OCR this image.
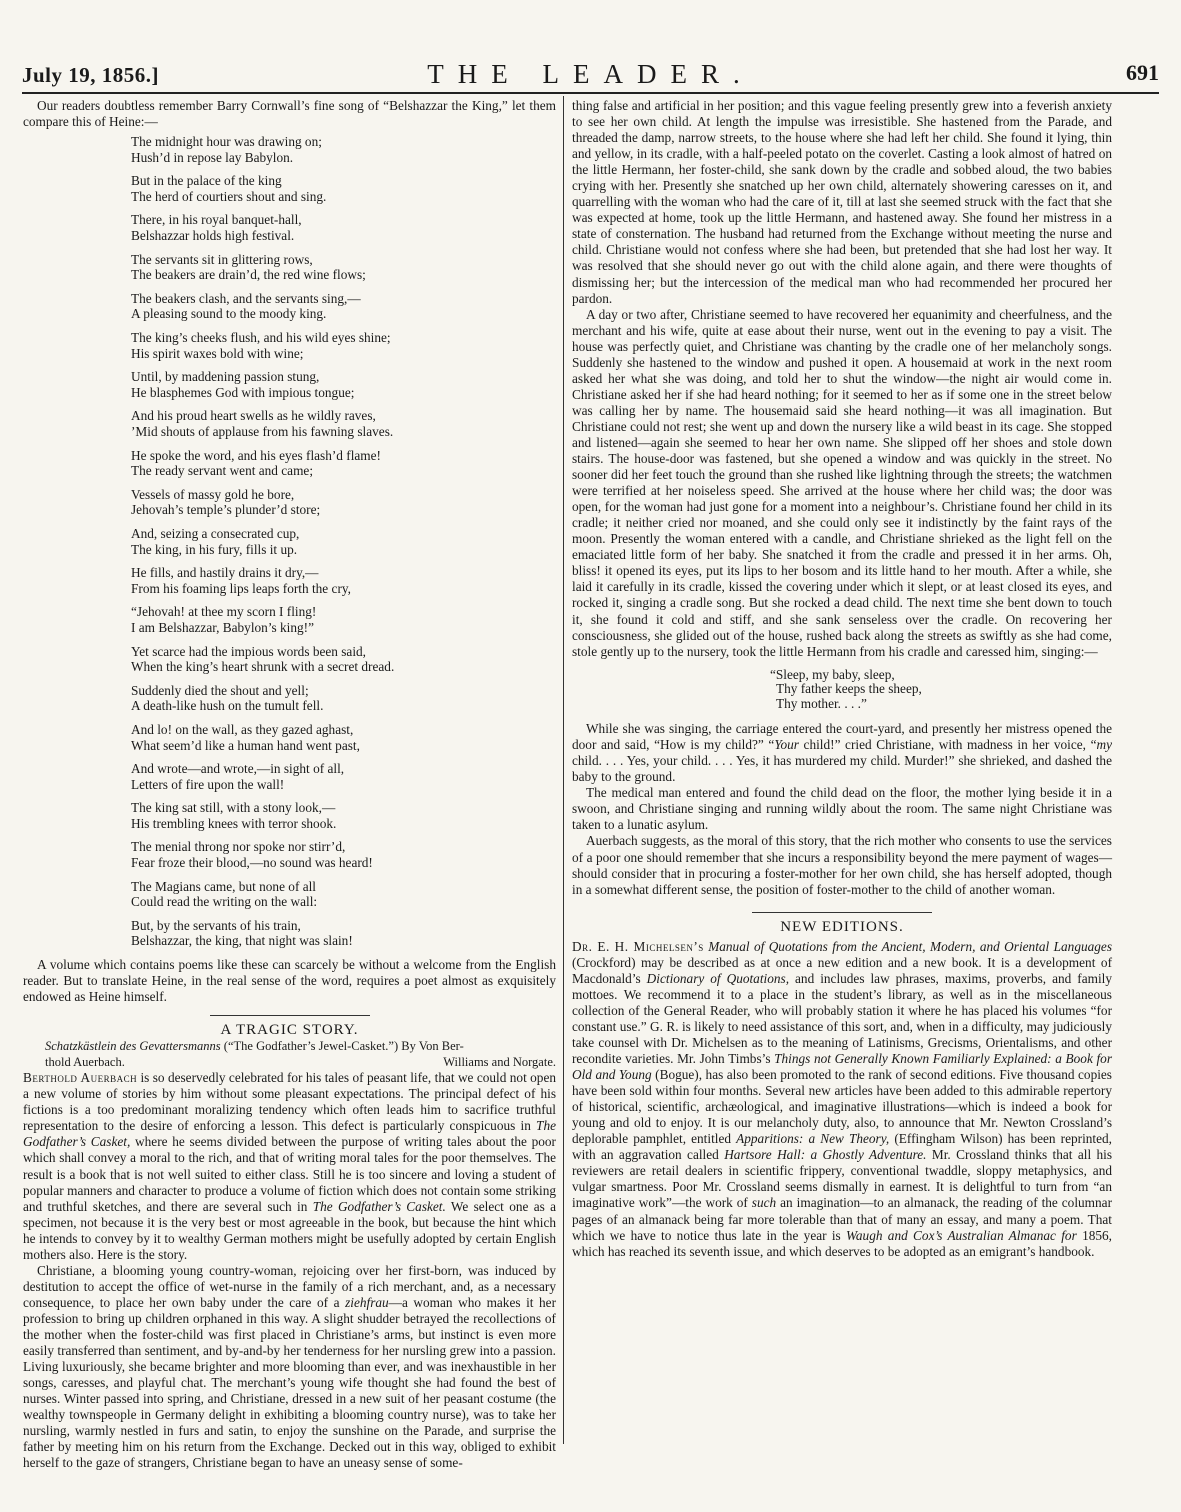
July 19, 1856.]	THE LEADER.	691

Our readers doubtless remember Barry Cornwall’s fine song of “Belshazzar the King,” let them compare this of Heine:—

The midnight hour was drawing on;
Hush’d in repose lay Babylon.
But in the palace of the king
The herd of courtiers shout and sing.
There, in his royal banquet-hall,
Belshazzar holds high festival.
The servants sit in glittering rows,
The beakers are drain’d, the red wine flows;
The beakers clash, and the servants sing,—
A pleasing sound to the moody king.
The king’s cheeks flush, and his wild eyes shine;
His spirit waxes bold with wine;
Until, by maddening passion stung,
He blasphemes God with impious tongue;
And his proud heart swells as he wildly raves,
’Mid shouts of applause from his fawning slaves.
He spoke the word, and his eyes flash’d flame!
The ready servant went and came;
Vessels of massy gold he bore,
Jehovah’s temple’s plunder’d store;
And, seizing a consecrated cup,
The king, in his fury, fills it up.
He fills, and hastily drains it dry,—
From his foaming lips leaps forth the cry,
“Jehovah! at thee my scorn I fling!
I am Belshazzar, Babylon’s king!”
Yet scarce had the impious words been said,
When the king’s heart shrunk with a secret dread.
Suddenly died the shout and yell;
A death-like hush on the tumult fell.
And lo! on the wall, as they gazed aghast,
What seem’d like a human hand went past,
And wrote—and wrote,—in sight of all,
Letters of fire upon the wall!
The king sat still, with a stony look,—
His trembling knees with terror shook.
The menial throng nor spoke nor stirr’d,
Fear froze their blood,—no sound was heard!
The Magians came, but none of all
Could read the writing on the wall:
But, by the servants of his train,
Belshazzar, the king, that night was slain!

A volume which contains poems like these can scarcely be without a welcome from the English reader. But to translate Heine, in the real sense of the word, requires a poet almost as exquisitely endowed as Heine himself.

A TRAGIC STORY.
Schatzkästlein des Gevattersmanns (“The Godfather’s Jewel-Casket.”) By Von Ber-
thold Auerbach.	Williams and Norgate.

Berthold Auerbach is so deservedly celebrated for his tales of peasant life, that we could not open a new volume of stories by him without some pleasant expectations. The principal defect of his fictions is a too predominant moralizing tendency which often leads him to sacrifice truthful representation to the desire of enforcing a lesson. This defect is particularly conspicuous in The Godfather’s Casket, where he seems divided between the purpose of writing tales about the poor which shall convey a moral to the rich, and that of writing moral tales for the poor themselves. The result is a book that is not well suited to either class. Still he is too sincere and loving a student of popular manners and character to produce a volume of fiction which does not contain some striking and truthful sketches, and there are several such in The Godfather’s Casket. We select one as a specimen, not because it is the very best or most agreeable in the book, but because the hint which he intends to convey by it to wealthy German mothers might be usefully adopted by certain English mothers also. Here is the story.

Christiane, a blooming young country-woman, rejoicing over her first-born, was induced by destitution to accept the office of wet-nurse in the family of a rich merchant, and, as a necessary consequence, to place her own baby under the care of a ziehfrau—a woman who makes it her profession to bring up children orphaned in this way. A slight shudder betrayed the recollections of the mother when the foster-child was first placed in Christiane’s arms, but instinct is even more easily transferred than sentiment, and by-and-by her tenderness for her nursling grew into a passion. Living luxuriously, she became brighter and more blooming than ever, and was inexhaustible in her songs, caresses, and playful chat. The merchant’s young wife thought she had found the best of nurses. Winter passed into spring, and Christiane, dressed in a new suit of her peasant costume (the wealthy townspeople in Germany delight in exhibiting a blooming country nurse), was to take her nursling, warmly nestled in furs and satin, to enjoy the sunshine on the Parade, and surprise the father by meeting him on his return from the Exchange. Decked out in this way, obliged to exhibit herself to the gaze of strangers, Christiane began to have an uneasy sense of some-

thing false and artificial in her position; and this vague feeling presently grew into a feverish anxiety to see her own child. At length the impulse was irresistible. She hastened from the Parade, and threaded the damp, narrow streets, to the house where she had left her child. She found it lying, thin and yellow, in its cradle, with a half-peeled potato on the coverlet. Casting a look almost of hatred on the little Hermann, her foster-child, she sank down by the cradle and sobbed aloud, the two babies crying with her. Presently she snatched up her own child, alternately showering caresses on it, and quarrelling with the woman who had the care of it, till at last she seemed struck with the fact that she was expected at home, took up the little Hermann, and hastened away. She found her mistress in a state of consternation. The husband had returned from the Exchange without meeting the nurse and child. Christiane would not confess where she had been, but pretended that she had lost her way. It was resolved that she should never go out with the child alone again, and there were thoughts of dismissing her; but the intercession of the medical man who had recommended her procured her pardon.

A day or two after, Christiane seemed to have recovered her equanimity and cheerfulness, and the merchant and his wife, quite at ease about their nurse, went out in the evening to pay a visit. The house was perfectly quiet, and Christiane was chanting by the cradle one of her melancholy songs. Suddenly she hastened to the window and pushed it open. A housemaid at work in the next room asked her what she was doing, and told her to shut the window—the night air would come in. Christiane asked her if she had heard nothing; for it seemed to her as if some one in the street below was calling her by name. The housemaid said she heard nothing—it was all imagination. But Christiane could not rest; she went up and down the nursery like a wild beast in its cage. She stopped and listened—again she seemed to hear her own name. She slipped off her shoes and stole down stairs. The house-door was fastened, but she opened a window and was quickly in the street. No sooner did her feet touch the ground than she rushed like lightning through the streets; the watchmen were terrified at her noiseless speed. She arrived at the house where her child was; the door was open, for the woman had just gone for a moment into a neighbour’s. Christiane found her child in its cradle; it neither cried nor moaned, and she could only see it indistinctly by the faint rays of the moon. Presently the woman entered with a candle, and Christiane shrieked as the light fell on the emaciated little form of her baby. She snatched it from the cradle and pressed it in her arms. Oh, bliss! it opened its eyes, put its lips to her bosom and its little hand to her mouth. After a while, she laid it carefully in its cradle, kissed the covering under which it slept, or at least closed its eyes, and rocked it, singing a cradle song. But she rocked a dead child. The next time she bent down to touch it, she found it cold and stiff, and she sank senseless over the cradle. On recovering her consciousness, she glided out of the house, rushed back along the streets as swiftly as she had come, stole gently up to the nursery, took the little Hermann from his cradle and caressed him, singing:—

“Sleep, my baby, sleep,
Thy father keeps the sheep,
Thy mother. . . .”

While she was singing, the carriage entered the court-yard, and presently her mistress opened the door and said, “How is my child?” “Your child!” cried Christiane, with madness in her voice, “my child. . . . Yes, your child. . . . Yes, it has murdered my child. Murder!” she shrieked, and dashed the baby to the ground.

The medical man entered and found the child dead on the floor, the mother lying beside it in a swoon, and Christiane singing and running wildly about the room. The same night Christiane was taken to a lunatic asylum.

Auerbach suggests, as the moral of this story, that the rich mother who consents to use the services of a poor one should remember that she incurs a responsibility beyond the mere payment of wages—should consider that in procuring a foster-mother for her own child, she has herself adopted, though in a somewhat different sense, the position of foster-mother to the child of another woman.

NEW EDITIONS.

Dr. E. H. Michelsen’s Manual of Quotations from the Ancient, Modern, and Oriental Languages (Crockford) may be described as at once a new edition and a new book. It is a development of Macdonald’s Dictionary of Quotations, and includes law phrases, maxims, proverbs, and family mottoes. We recommend it to a place in the student’s library, as well as in the miscellaneous collection of the General Reader, who will probably station it where he has placed his volumes “for constant use.” G. R. is likely to need assistance of this sort, and, when in a difficulty, may judiciously take counsel with Dr. Michelsen as to the meaning of Latinisms, Grecisms, Orientalisms, and other recondite varieties. Mr. John Timbs’s Things not Generally Known Familiarly Explained: a Book for Old and Young (Bogue), has also been promoted to the rank of second editions. Five thousand copies have been sold within four months. Several new articles have been added to this admirable repertory of historical, scientific, archæological, and imaginative illustrations—which is indeed a book for young and old to enjoy. It is our melancholy duty, also, to announce that Mr. Newton Crossland’s deplorable pamphlet, entitled Apparitions: a New Theory, (Effingham Wilson) has been reprinted, with an aggravation called Hartsore Hall: a Ghostly Adventure. Mr. Crossland thinks that all his reviewers are retail dealers in scientific frippery, conventional twaddle, sloppy metaphysics, and vulgar smartness. Poor Mr. Crossland seems dismally in earnest. It is delightful to turn from “an imaginative work”—the work of such an imagination—to an almanack, the reading of the columnar pages of an almanack being far more tolerable than that of many an essay, and many a poem. That which we have to notice thus late in the year is Waugh and Cox’s Australian Almanac for 1856, which has reached its seventh issue, and which deserves to be adopted as an emigrant’s handbook.
